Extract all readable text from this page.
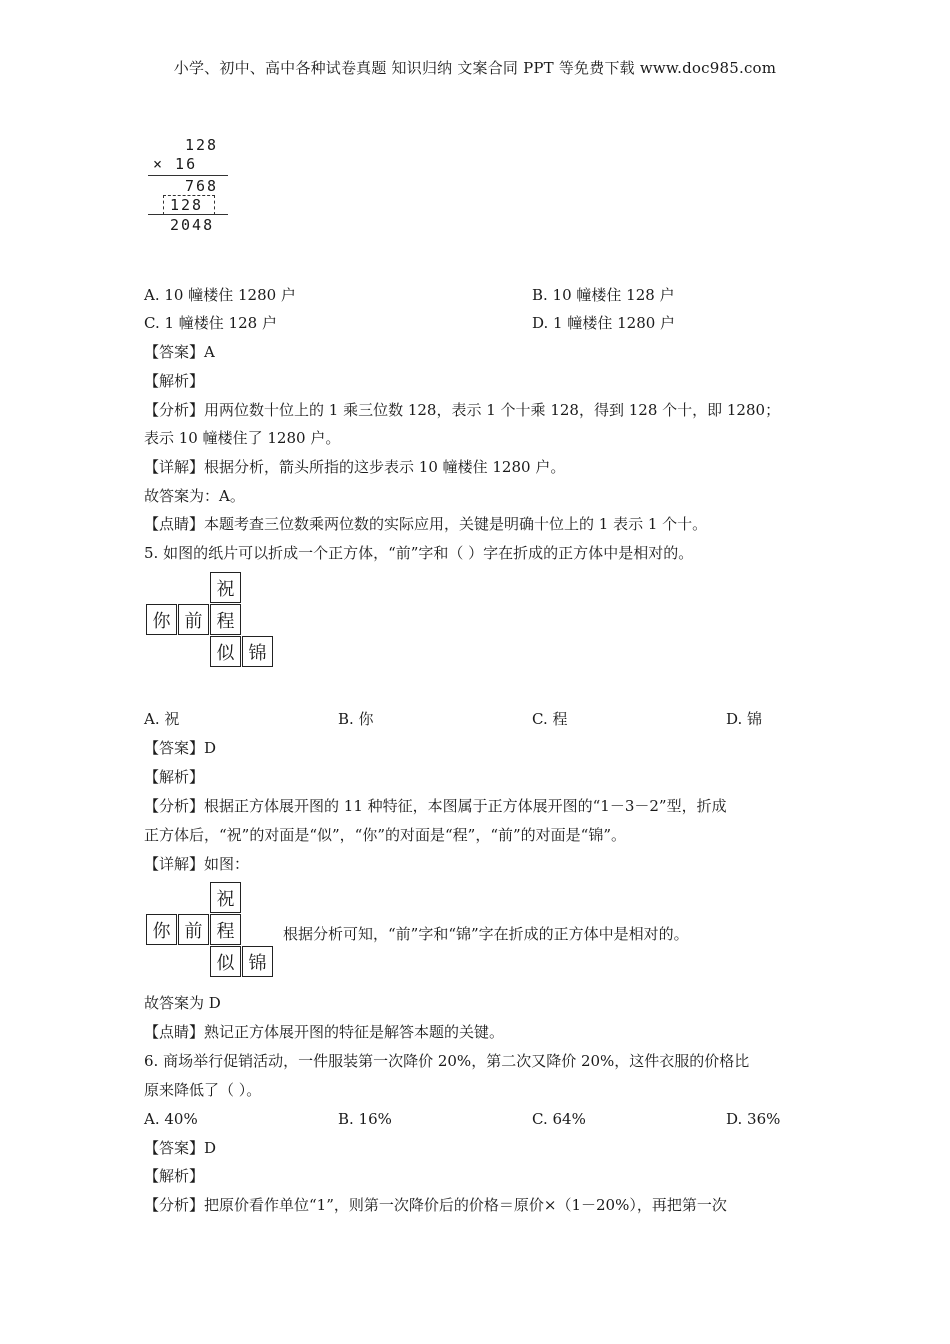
小学、初中、高中各种试卷真题 知识归纳 文案合同 PPT 等免费下载 www.doc985.com
128
× 16
768
128
2048
A. 10 幢楼住 1280 户	B. 10 幢楼住 128 户
C. 1 幢楼住 128 户	D. 1 幢楼住 1280 户
【答案】A
【解析】
【分析】用两位数十位上的 1 乘三位数 128，表示 1 个十乘 128，得到 128 个十，即 1280；
表示 10 幢楼住了 1280 户。
【详解】根据分析，箭头所指的这步表示 10 幢楼住 1280 户。
故答案为：A。
【点睛】本题考查三位数乘两位数的实际应用，关键是明确十位上的 1 表示 1 个十。
5. 如图的纸片可以折成一个正方体，“前”字和（ ）字在折成的正方体中是相对的。
祝
你 前 程
似 锦
A. 祝	B. 你	C. 程	D. 锦
【答案】D
【解析】
【分析】根据正方体展开图的 11 种特征，本图属于正方体展开图的“1－3－2”型，折成
正方体后，“祝”的对面是“似”，“你”的对面是“程”，“前”的对面是“锦”。
【详解】如图：
祝
你 前 程
似 锦
根据分析可知，“前”字和“锦”字在折成的正方体中是相对的。
故答案为 D
【点睛】熟记正方体展开图的特征是解答本题的关键。
6. 商场举行促销活动，一件服装第一次降价 20%，第二次又降价 20%，这件衣服的价格比
原来降低了（ ）。
A. 40%	B. 16%	C. 64%	D. 36%
【答案】D
【解析】
【分析】把原价看作单位“1”，则第一次降价后的价格＝原价×（1－20%），再把第一次
